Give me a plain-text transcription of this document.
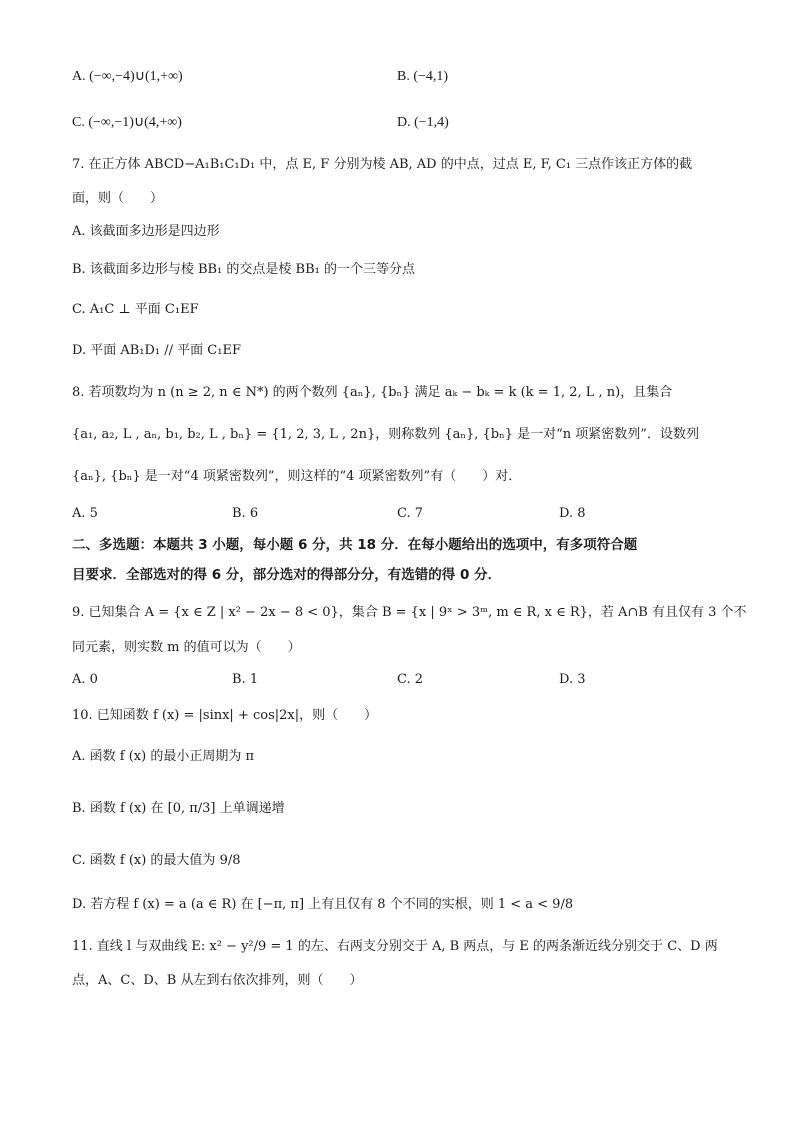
A. (−∞,−4)∪(1,+∞)	B. (−4,1)
C. (−∞,−1)∪(4,+∞)	D. (−1,4)
7. 在正方体 ABCD−A₁B₁C₁D₁ 中，点 E, F 分别为棱 AB, AD 的中点，过点 E, F, C₁ 三点作该正方体的截
面，则（　　）
A. 该截面多边形是四边形
B. 该截面多边形与棱 BB₁ 的交点是棱 BB₁ 的一个三等分点
C. A₁C ⊥ 平面 C₁EF
D. 平面 AB₁D₁ // 平面 C₁EF
8. 若项数均为 n (n ≥ 2, n ∈ N*) 的两个数列 {aₙ}, {bₙ} 满足 aₖ − bₖ = k (k = 1, 2, L , n)，且集合
{a₁, a₂, L , aₙ, b₁, b₂, L , bₙ} = {1, 2, 3, L , 2n}，则称数列 {aₙ}, {bₙ} 是一对“n 项紧密数列”．设数列
{aₙ}, {bₙ} 是一对“4 项紧密数列”，则这样的“4 项紧密数列”有（　　）对．
A. 5	B. 6	C. 7	D. 8
二、多选题：本题共 3 小题，每小题 6 分，共 18 分．在每小题给出的选项中，有多项符合题
目要求．全部选对的得 6 分，部分选对的得部分分，有选错的得 0 分．
9. 已知集合 A = {x ∈ Z | x² − 2x − 8 < 0}，集合 B = {x | 9ˣ > 3ᵐ, m ∈ R, x ∈ R}，若 A∩B 有且仅有 3 个不
同元素，则实数 m 的值可以为（　　）
A. 0	B. 1	C. 2	D. 3
10. 已知函数 f (x) = |sinx| + cos|2x|，则（　　）
A. 函数 f (x) 的最小正周期为 π
B. 函数 f (x) 在 [0, π/3] 上单调递增
C. 函数 f (x) 的最大值为 9/8
D. 若方程 f (x) = a (a ∈ R) 在 [−π, π] 上有且仅有 8 个不同的实根，则 1 < a < 9/8
11. 直线 l 与双曲线 E: x² − y²/9 = 1 的左、右两支分别交于 A, B 两点，与 E 的两条渐近线分别交于 C、D 两
点，A、C、D、B 从左到右依次排列，则（　　）
